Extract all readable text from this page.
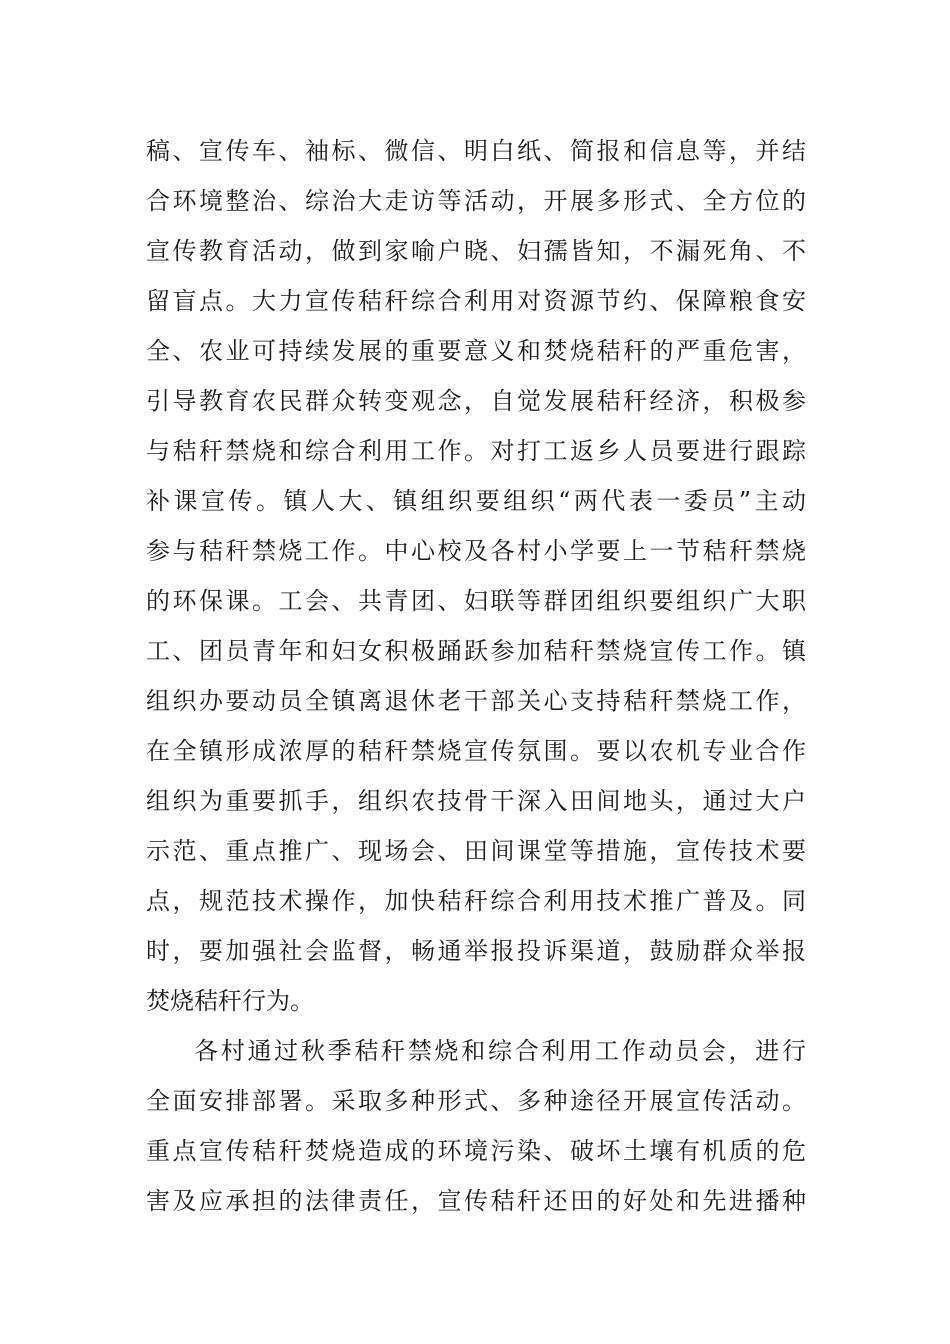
稿、宣传车、袖标、微信、明白纸、简报和信息等，并结
合环境整治、综治大走访等活动，开展多形式、全方位的
宣传教育活动，做到家喻户晓、妇孺皆知，不漏死角、不
留盲点。大力宣传秸秆综合利用对资源节约、保障粮食安
全、农业可持续发展的重要意义和焚烧秸秆的严重危害，
引导教育农民群众转变观念，自觉发展秸秆经济，积极参
与秸秆禁烧和综合利用工作。对打工返乡人员要进行跟踪
补课宣传。镇人大、镇组织要组织“两代表一委员”主动
参与秸秆禁烧工作。中心校及各村小学要上一节秸秆禁烧
的环保课。工会、共青团、妇联等群团组织要组织广大职
工、团员青年和妇女积极踊跃参加秸秆禁烧宣传工作。镇
组织办要动员全镇离退休老干部关心支持秸秆禁烧工作，
在全镇形成浓厚的秸秆禁烧宣传氛围。要以农机专业合作
组织为重要抓手，组织农技骨干深入田间地头，通过大户
示范、重点推广、现场会、田间课堂等措施，宣传技术要
点，规范技术操作，加快秸秆综合利用技术推广普及。同
时，要加强社会监督，畅通举报投诉渠道，鼓励群众举报
焚烧秸秆行为。
各村通过秋季秸秆禁烧和综合利用工作动员会，进行
全面安排部署。采取多种形式、多种途径开展宣传活动。
重点宣传秸秆焚烧造成的环境污染、破坏土壤有机质的危
害及应承担的法律责任，宣传秸秆还田的好处和先进播种
